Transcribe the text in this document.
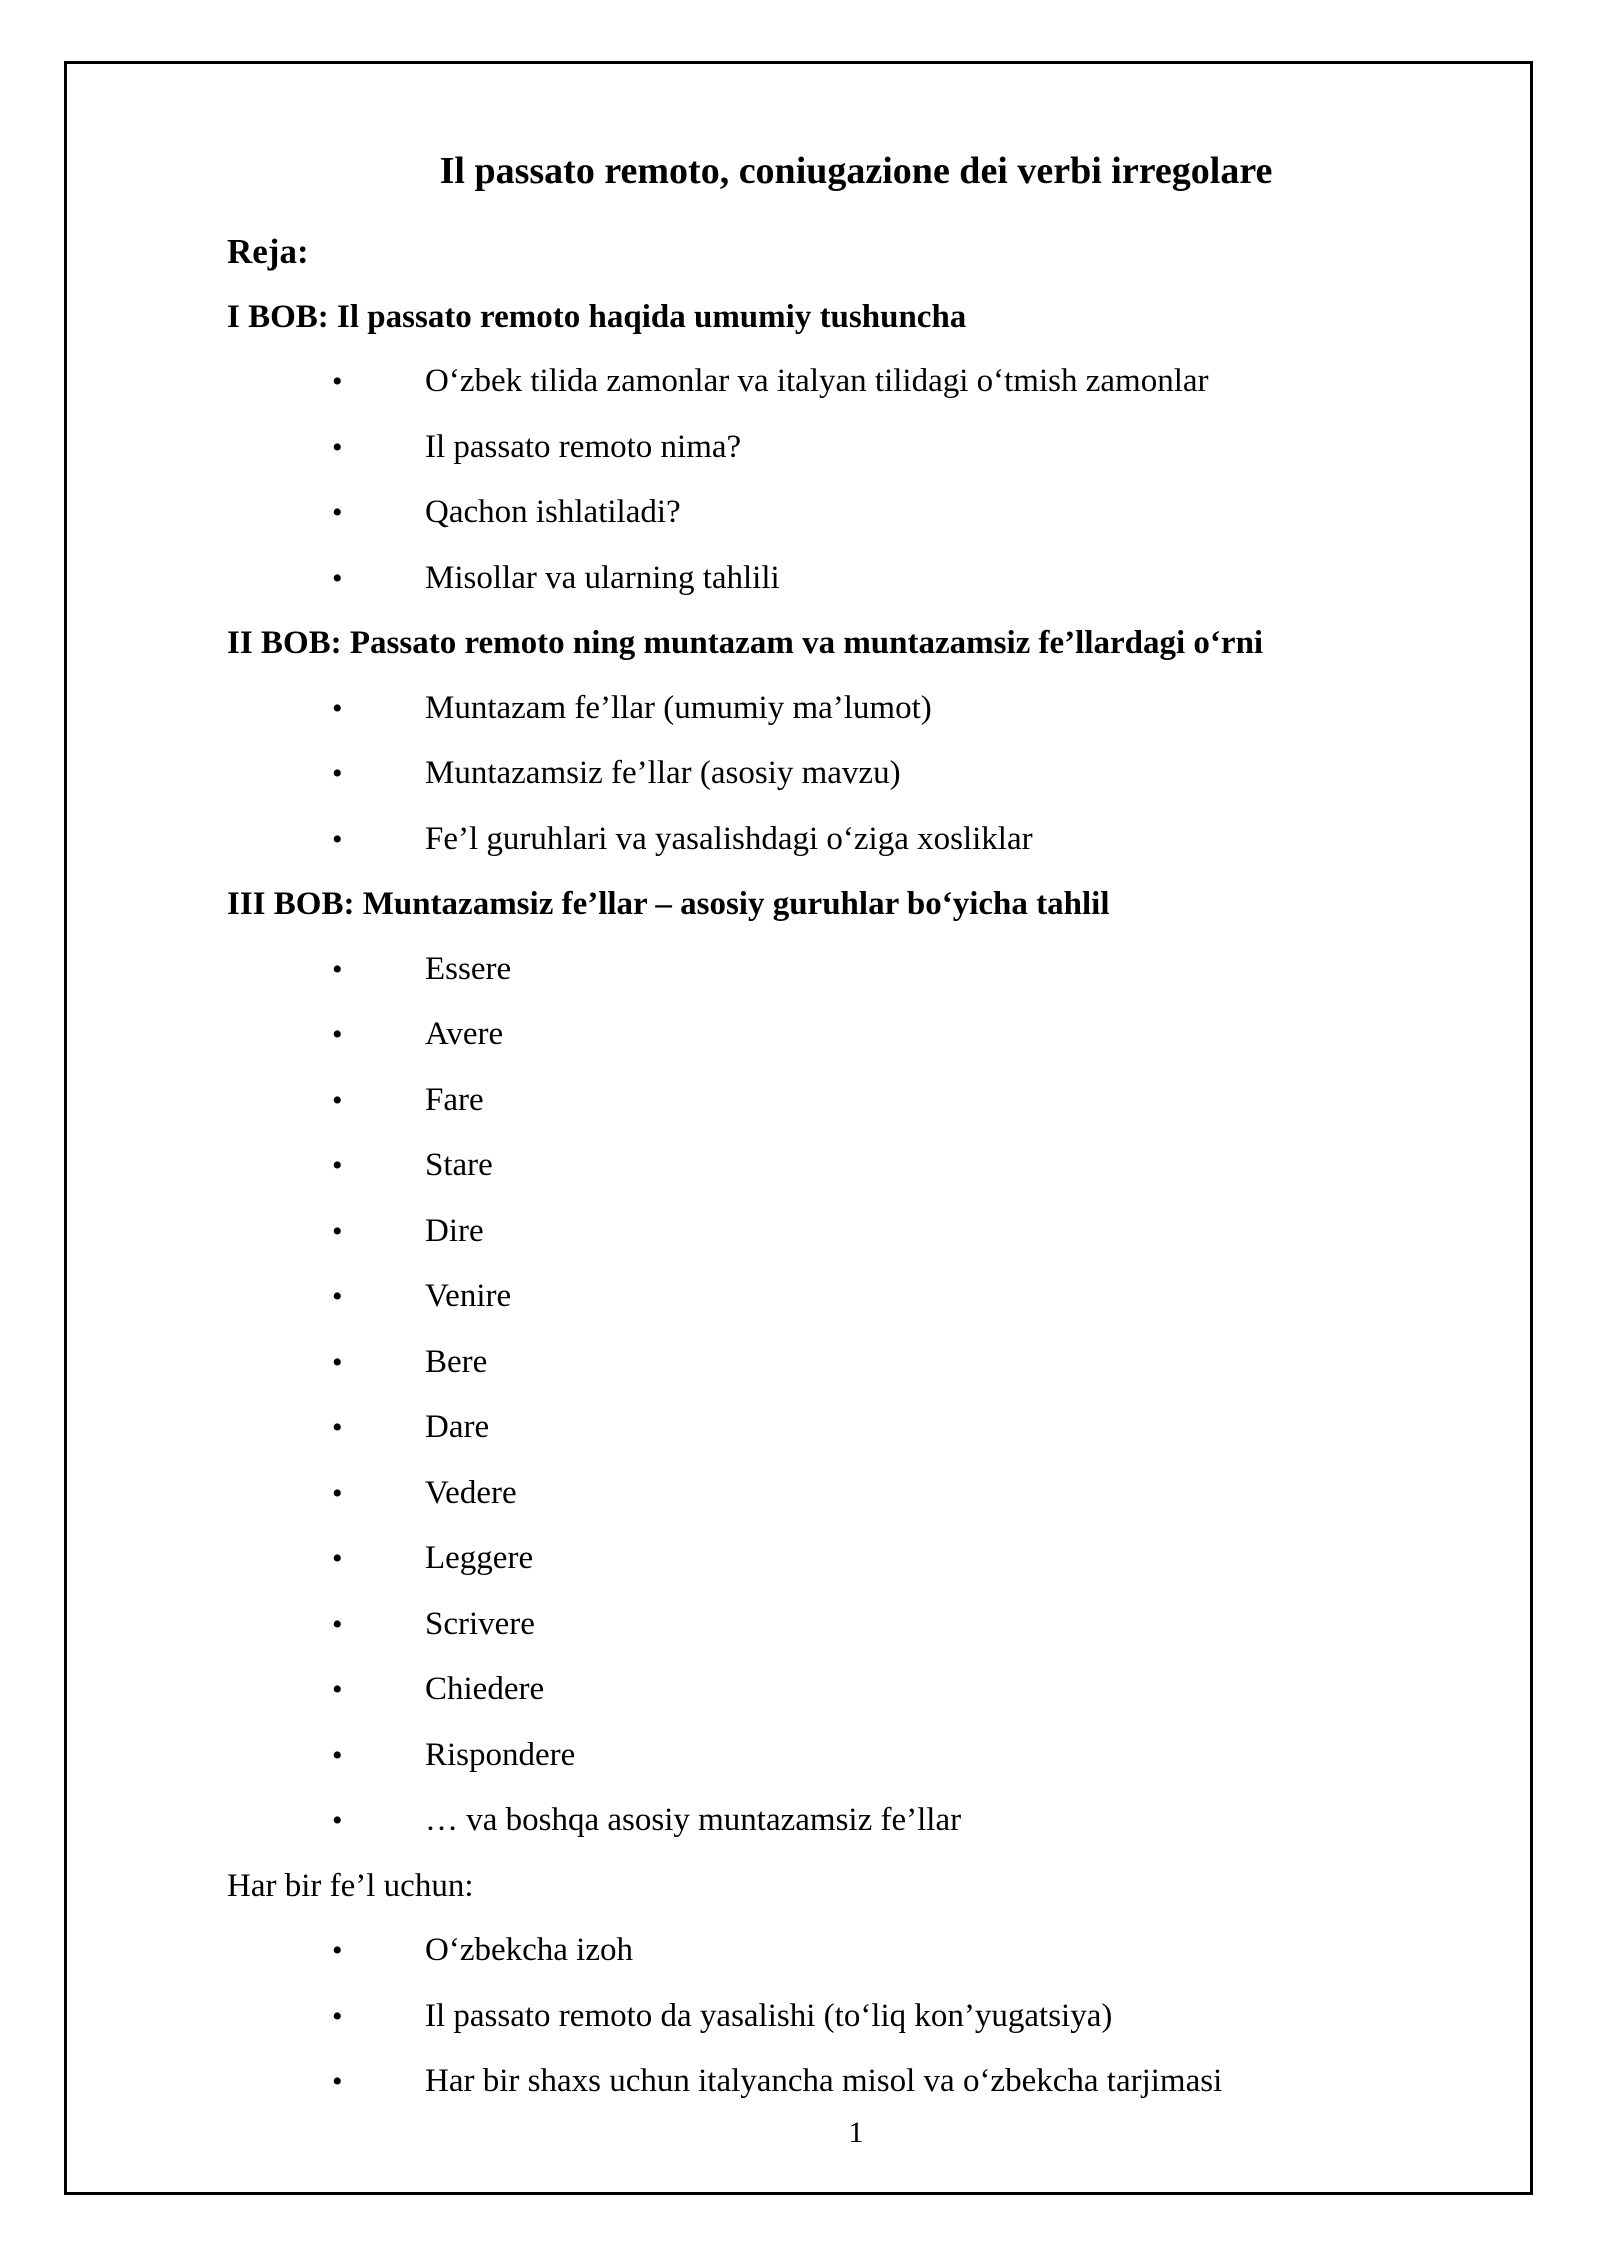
Il passato remoto, coniugazione dei verbi irregolare
Reja:
I BOB: Il passato remoto haqida umumiy tushuncha
• O‘zbek tilida zamonlar va italyan tilidagi o‘tmish zamonlar
• Il passato remoto nima?
• Qachon ishlatiladi?
• Misollar va ularning tahlili
II BOB: Passato remoto ning muntazam va muntazamsiz fe’llardagi o‘rni
• Muntazam fe’llar (umumiy ma’lumot)
• Muntazamsiz fe’llar (asosiy mavzu)
• Fe’l guruhlari va yasalishdagi o‘ziga xosliklar
III BOB: Muntazamsiz fe’llar – asosiy guruhlar bo‘yicha tahlil
• Essere
• Avere
• Fare
• Stare
• Dire
• Venire
• Bere
• Dare
• Vedere
• Leggere
• Scrivere
• Chiedere
• Rispondere
• … va boshqa asosiy muntazamsiz fe’llar
Har bir fe’l uchun:
• O‘zbekcha izoh
• Il passato remoto da yasalishi (to‘liq kon’yugatsiya)
• Har bir shaxs uchun italyancha misol va o‘zbekcha tarjimasi
1
